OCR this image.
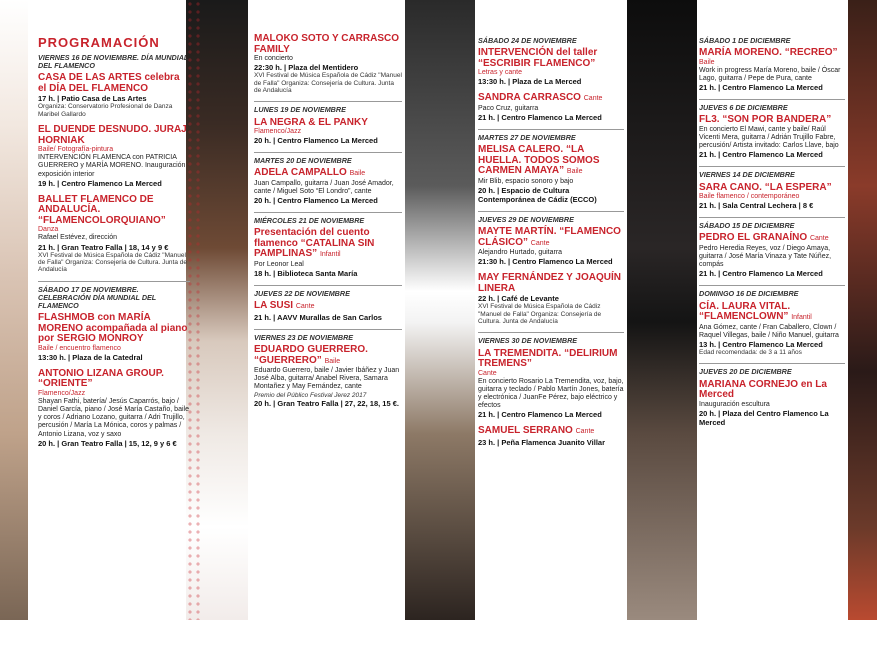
PROGRAMACIÓN
VIERNES 16 DE NOVIEMBRE. DÍA MUNDIAL DEL FLAMENCO
CASA DE LAS ARTES celebra el DÍA DEL FLAMENCO
17 h. | Patio Casa de Las Artes
Organiza: Conservatorio Profesional de Danza Maribel Gallardo
EL DUENDE DESNUDO. JURAJ HORNIAK
Baile/ Fotografía-pintura
INTERVENCIÓN FLAMENCA con PATRICIA GUERRERO y MARÍA MORENO. Inauguración exposición interior
19 h. | Centro Flamenco La Merced
BALLET FLAMENCO DE ANDALUCÍA. “FLAMENCOLORQUIANO”
Danza
Rafael Estévez, dirección
21 h. | Gran Teatro Falla | 18, 14 y 9 €
XVI Festival de Música Española de Cádiz "Manuel de Falla" Organiza: Consejería de Cultura. Junta de Andalucía
SÁBADO 17 DE NOVIEMBRE. CELEBRACIÓN DÍA MUNDIAL DEL FLAMENCO
FLASHMOB con MARÍA MORENO acompañada al piano por SERGIO MONROY
Baile / encuentro flamenco
13:30 h. | Plaza de la Catedral
ANTONIO LIZANA GROUP. “ORIENTE”
Flamenco/Jazz
Shayan Fathi, batería/ Jesús Caparrós, bajo / Daniel García, piano / José María Castaño, baile y coros / Adriano Lozano, guitarra / Adri Trujillo, percusión / María La Mónica, coros y palmas / Antonio Lizana, voz y saxo
20 h. | Gran Teatro Falla | 15, 12, 9 y 6 €
MALOKO SOTO Y CARRASCO FAMILY
En concierto
22:30 h. | Plaza del Mentidero
XVI Festival de Música Española de Cádiz "Manuel de Falla" Organiza: Consejería de Cultura. Junta de Andalucía
LUNES 19 DE NOVIEMBRE
LA NEGRA & EL PANKY
Flamenco/Jazz
20 h. | Centro Flamenco La Merced
MARTES 20 DE NOVIEMBRE
ADELA CAMPALLO Baile
Juan Campallo, guitarra / Juan José Amador, cante / Miguel Soto “El Londro”, cante
20 h. | Centro Flamenco La Merced
MIÉRCOLES 21 DE NOVIEMBRE
Presentación del cuento flamenco “CATALINA SIN PAMPLINAS” Infantil
Por Leonor Leal
18 h. | Biblioteca Santa María
JUEVES 22 DE NOVIEMBRE
LA SUSI Cante
21 h. | AAVV Murallas de San Carlos
VIERNES 23 DE NOVIEMBRE
EDUARDO GUERRERO. “GUERRERO” Baile
Eduardo Guerrero, baile / Javier Ibáñez y Juan José Alba, guitarra/ Anabel Rivera, Samara Montañez y May Fernández, cante
Premio del Público Festival Jerez 2017
20 h. | Gran Teatro Falla | 27, 22, 18, 15 €.
SÁBADO 24 DE NOVIEMBRE
INTERVENCIÓN del taller “ESCRIBIR FLAMENCO”
Letras y cante
13:30 h. | Plaza de La Merced
SANDRA CARRASCO Cante
Paco Cruz, guitarra
21 h. | Centro Flamenco La Merced
MARTES 27 DE NOVIEMBRE
MELISA CALERO. “LA HUELLA. TODOS SOMOS CARMEN AMAYA” Baile
Mir Blib, espacio sonoro y bajo
20 h. | Espacio de Cultura Contemporánea de Cádiz (ECCO)
JUEVES 29 DE NOVIEMBRE
MAYTE MARTÍN. “FLAMENCO CLÁSICO” Cante
Alejandro Hurtado, guitarra
21:30 h. | Centro Flamenco La Merced
MAY FERNÁNDEZ Y JOAQUÍN LINERA
22 h. | Café de Levante
XVI Festival de Música Española de Cádiz "Manuel de Falla" Organiza: Consejería de Cultura. Junta de Andalucía
VIERNES 30 DE NOVIEMBRE
LA TREMENDITA. “DELIRIUM TREMENS”
Cante
En concierto Rosario La Tremendita, voz, bajo, guitarra y teclado / Pablo Martín Jones, batería y electrónica / JuanFe Pérez, bajo eléctrico y efectos
21 h. | Centro Flamenco La Merced
SAMUEL SERRANO Cante
23 h. | Peña Flamenca Juanito Villar
SÁBADO 1 DE DICIEMBRE
MARÍA MORENO. “RECREO”
Baile
Work in progress María Moreno, baile / Óscar Lago, guitarra / Pepe de Pura, cante
21 h. | Centro Flamenco La Merced
JUEVES 6 DE DICIEMBRE
FL3. “SON POR BANDERA”
En concierto El Mawi, cante y baile/ Raúl Vicenti Mera, guitarra / Adrián Trujillo Fabre, percusión/ Artista invitado: Carlos Llave, bajo
21 h. | Centro Flamenco La Merced
VIERNES 14 DE DICIEMBRE
SARA CANO. “LA ESPERA”
Baile flamenco / contemporáneo
21 h. | Sala Central Lechera | 8 €
SÁBADO 15 DE DICIEMBRE
PEDRO EL GRANAÍNO Cante
Pedro Heredia Reyes, voz / Diego Amaya, guitarra / José María Vinaza y Tate Núñez, compás
21 h. | Centro Flamenco La Merced
DOMINGO 16 DE DICIEMBRE
CÍA. LAURA VITAL. “FLAMENCLOWN” Infantil
Ana Gómez, cante / Fran Caballero, Clown / Raquel Villegas, baile / Niño Manuel, guitarra
13 h. | Centro Flamenco La Merced
Edad recomendada: de 3 a 11 años
JUEVES 20 DE DICIEMBRE
MARIANA CORNEJO en La Merced
Inauguración escultura
20 h. | Plaza del Centro Flamenco La Merced
